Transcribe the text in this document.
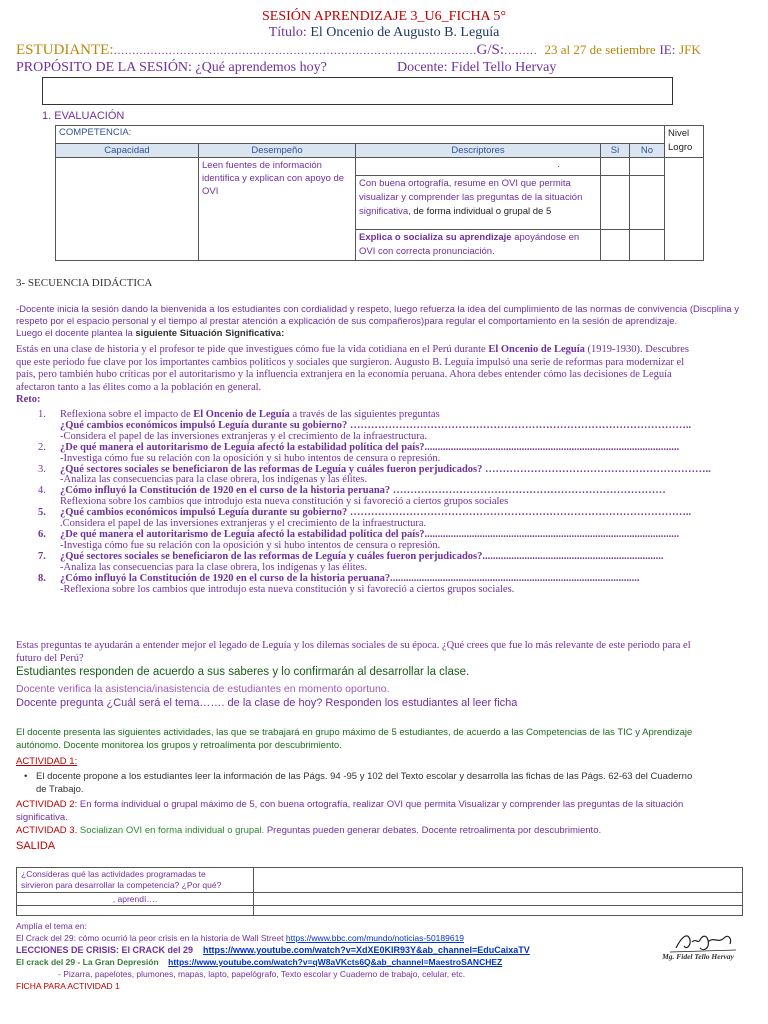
SESIÓN APRENDIZAJE 3_U6_FICHA 5°
Título: El Oncenio de Augusto B. Leguía
ESTUDIANTE:………………………………………………………………………………………G/S:……… 23 al 27 de setiembre IE: JFK
PROPÓSITO DE LA SESIÓN: ¿Qué aprendemos hoy?	Docente: Fidel Tello Hervay
1. EVALUACIÓN
COMPETENCIA:					Nivel
Logro

Capacidad	Desempeño	Descriptores	Si	No	
	Leen fuentes de información identifica y explican con apoyo de OVI	.			
		Con buena ortografía, resume en OVI que permita visualizar y comprender las preguntas de la situación significativa, de forma individual o grupal de 5			
		Explica o socializa su aprendizaje apoyándose en OVI con correcta pronunciación.			
3- SECUENCIA DIDÁCTICA
-Docente inicia la sesión dando la bienvenida a los estudiantes con cordialidad y respeto, luego refuerza la idea del cumplimiento de las normas de convivencia (Discplina y
respeto por el espacio personal y el tiempo al prestar atención a explicación de sus compañeros)para regular el comportamiento en la sesión de aprendizaje.
Luego el docente plantea la siguiente Situación Significativa:
Estás en una clase de historia y el profesor te pide que investigues cómo fue la vida cotidiana en el Perú durante El Oncenio de Leguía (1919-1930). Descubres
que este periodo fue clave por los importantes cambios políticos y sociales que surgieron. Augusto B. Leguía impulsó una serie de reformas para modernizar el
país, pero también hubo críticas por el autoritarismo y la influencia extranjera en la economía peruana. Ahora debes entender cómo las decisiones de Leguía
afectaron tanto a las élites como a la población en general.
Reto:
1. Reflexiona sobre el impacto de El Oncenio de Leguía a través de las siguientes preguntas
¿Qué cambios económicos impulsó Leguía durante su gobierno? ……………………………………………………………………………………..
-Considera el papel de las inversiones extranjeras y el crecimiento de la infraestructura.
2. ¿De qué manera el autoritarismo de Leguía afectó la estabilidad política del país?.................................................................................................
-Investiga cómo fue su relación con la oposición y si hubo intentos de censura o represión.
3. ¿Qué sectores sociales se beneficiaron de las reformas de Leguía y cuáles fueron perjudicados? ………………………………………………………..
-Analiza las consecuencias para la clase obrera, los indígenas y las élites.
4. ¿Cómo influyó la Constitución de 1920 en el curso de la historia peruana? ……………………………………………………………………
Reflexiona sobre los cambios que introdujo esta nueva constitución y si favoreció a ciertos grupos sociales
5. ¿Qué cambios económicos impulsó Leguía durante su gobierno? ……………………………………………………………………………………..
.Considera el papel de las inversiones extranjeras y el crecimiento de la infraestructura.
6. ¿De qué manera el autoritarismo de Leguía afectó la estabilidad política del país?.................................................................................................
-Investiga cómo fue su relación con la oposición y si hubo intentos de censura o represión.
7. ¿Qué sectores sociales se beneficiaron de las reformas de Leguía y cuáles fueron perjudicados?.....................................................................
-Analiza las consecuencias para la clase obrera, los indígenas y las élites.
8. ¿Cómo influyó la Constitución de 1920 en el curso de la historia peruana?...............................................................................................
-Reflexiona sobre los cambios que introdujo esta nueva constitución y si favoreció a ciertos grupos sociales.
Estas preguntas te ayudarán a entender mejor el legado de Leguía y los dilemas sociales de su época. ¿Qué crees que fue lo más relevante de este periodo para el
futuro del Perú?
Estudiantes responden de acuerdo a sus saberes y lo confirmarán al desarrollar la clase.
Docente verifica la asistencia/inasistencia de estudiantes en momento oportuno.
Docente pregunta ¿Cuál será el tema……. de la clase de hoy? Responden los estudiantes al leer ficha
El docente presenta las siguientes actividades, las que se trabajará en grupo máximo de 5 estudiantes, de acuerdo a las Competencias de las TIC y Aprendizaje
autónomo. Docente monitorea los grupos y retroalimenta por descubrimiento.
ACTIVIDAD 1:
• El docente propone a los estudiantes leer la información de las Págs. 94 -95 y 102 del Texto escolar y desarrolla las fichas de las Págs. 62-63 del Cuaderno
de Trabajo.
ACTIVIDAD 2: En forma individual o grupal máximo de 5, con buena ortografía, realizar OVI que permita Visualizar y comprender las preguntas de la situación
significativa.
ACTIVIDAD 3. Socializan OVI en forma individual o grupal. Preguntas pueden generar debates. Docente retroalimenta por descubrimiento.
SALIDA
¿Consideras qué las actividades programadas te
sirvieron para desarrollar la competencia? ¿Por qué?	

, aprendí….	

Amplía el tema en:
El Crack del 29: cómo ocurrió la peor crisis en la historia de Wall Street https://www.bbc.com/mundo/noticias-50189619
LECCIONES DE CRISIS: El CRACK del 29 https://www.youtube.com/watch?v=XdXE0KIR93Y&ab_channel=EduCaixaTV
El crack del 29 - La Gran Depresión https://www.youtube.com/watch?v=qW8aVKcts6Q&ab_channel=MaestroSANCHEZ
- Pizarra, papelotes, plumones, mapas, lapto, papelógrafo, Texto escolar y Cuaderno de trabajo, celular, etc.
FICHA PARA ACTIVIDAD 1
Mg. Fidel Tello Hervay
